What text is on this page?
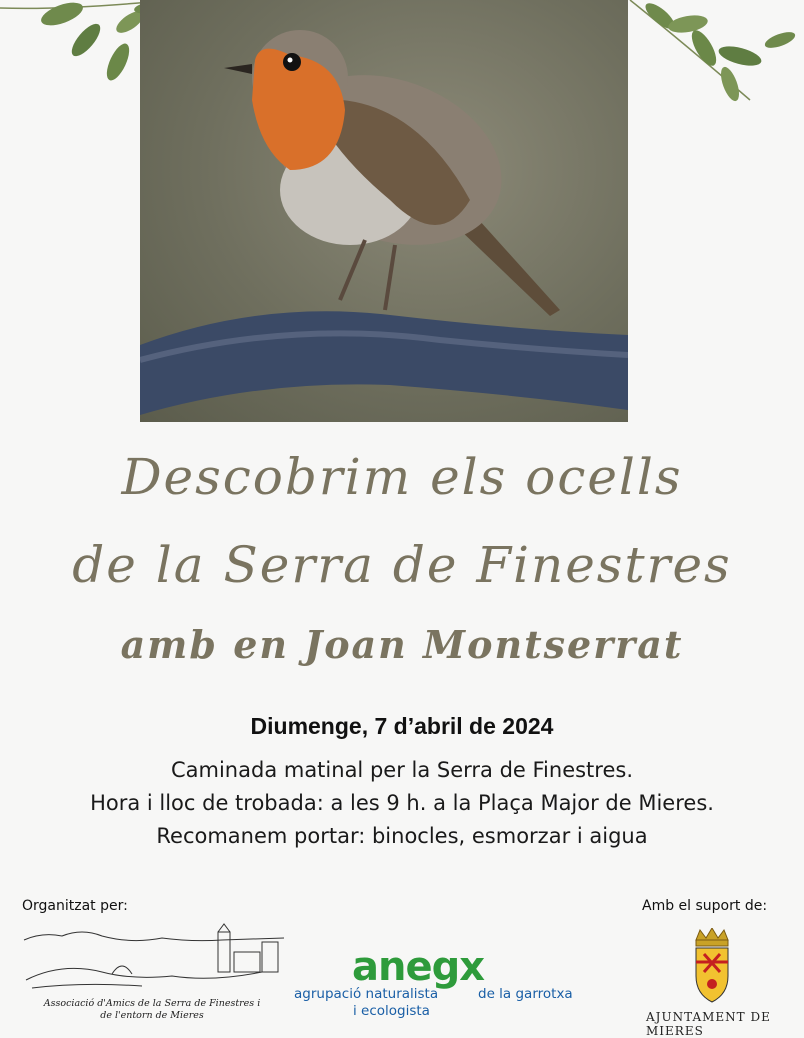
Descobrim els ocells
de la Serra de Finestres
amb en Joan Montserrat
Diumenge, 7 d’abril de 2024
Caminada matinal per la Serra de Finestres.
Hora i lloc de trobada: a les 9 h. a la Plaça Major de Mieres.
Recomanem portar: binocles, esmorzar i aigua
Organitzat per:	Amb el suport de:
Associació d'Amics de la Serra de Finestres i
de l'entorn de Mieres
anegx
agrupació naturalista	de la garrotxa
i ecologista	AJUNTAMENT DE MIERES
